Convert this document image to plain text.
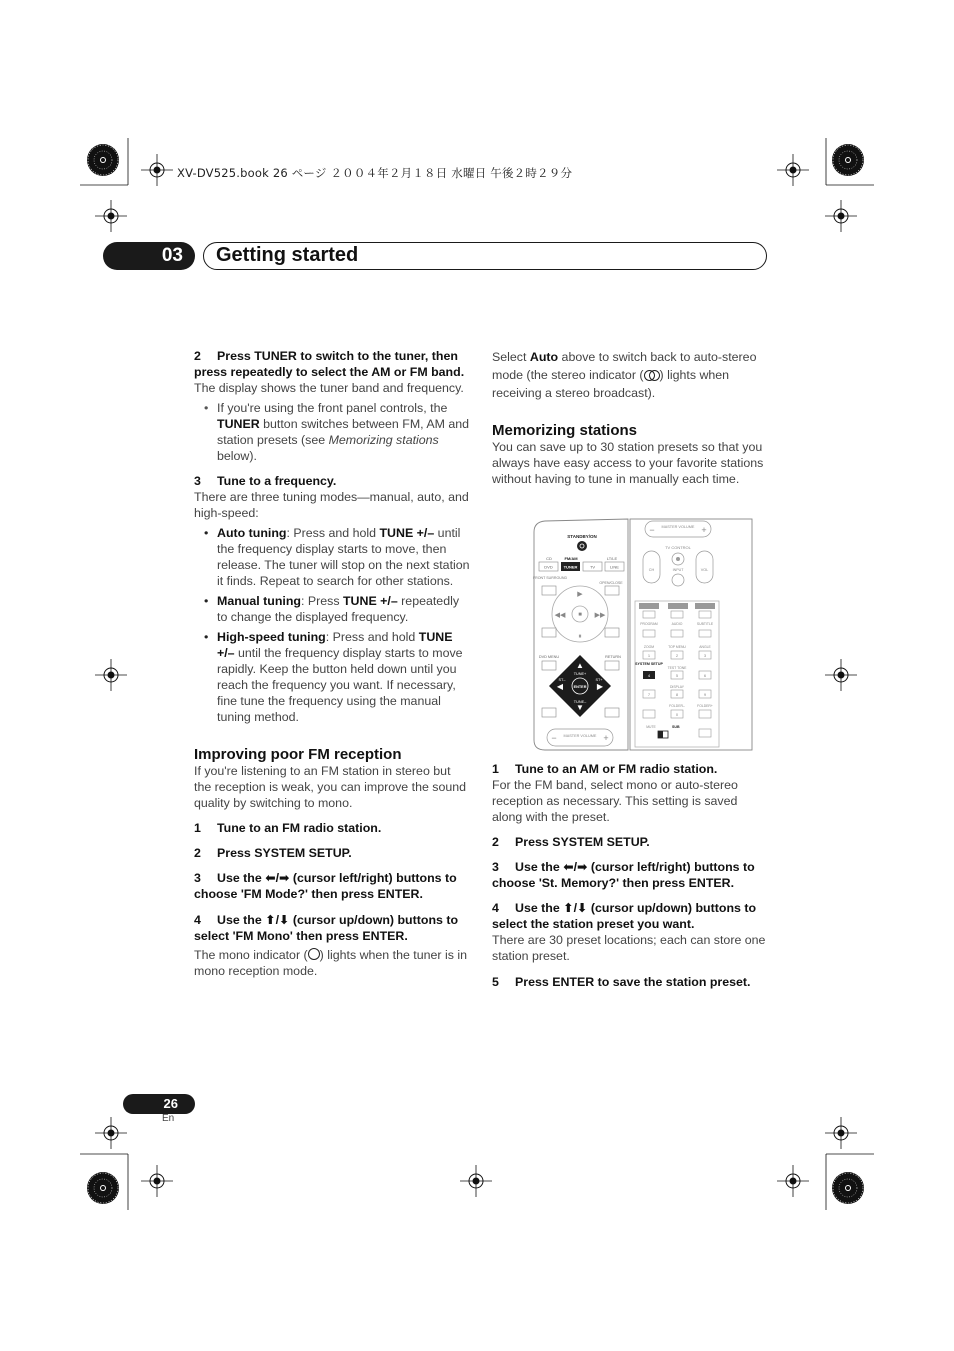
XV-DV525.book 26 ページ ２００４年２月１８日 水曜日 午後２時２９分
03	Getting started

2 Press TUNER to switch to the tuner, then press repeatedly to select the AM or FM band.

The display shows the tuner band and frequency.

• If you're using the front panel controls, the TUNER button switches between FM, AM and station presets (see Memorizing stations below).

3 Tune to a frequency.

There are three tuning modes—manual, auto, and high-speed:

• Auto tuning: Press and hold TUNE +/– until the frequency display starts to move, then release. The tuner will stop on the next station it finds. Repeat to search for other stations.

• Manual tuning: Press TUNE +/– repeatedly to change the displayed frequency.

• High-speed tuning: Press and hold TUNE +/– until the frequency display starts to move rapidly. Keep the button held down until you reach the frequency you want. If necessary, fine tune the frequency using the manual tuning method.

Improving poor FM reception

If you're listening to an FM station in stereo but the reception is weak, you can improve the sound quality by switching to mono.

1 Tune to an FM radio station.

2 Press SYSTEM SETUP.

3 Use the ⬅/➡ (cursor left/right) buttons to choose 'FM Mode?' then press ENTER.

4 Use the ⬆/⬇ (cursor up/down) buttons to select 'FM Mono' then press ENTER.

The mono indicator ( ) lights when the tuner is in mono reception mode.

Select Auto above to switch back to auto-stereo mode (the stereo indicator ( ) lights when receiving a stereo broadcast).

Memorizing stations

You can save up to 30 station presets so that you always have easy access to your favorite stations without having to tune in manually each time.

STANDBY/ON
CD	FM/AM	LT/LE
DVD	TUNER	TV	LINE
FRONT SURROUND
OPEN/CLOSE
■
▶
⏸
◀◀	▶▶
DVD MENU	RETURN
ENTER
▲
▼
◀	▶
TUNE+
TUNE–
ST–	ST+
MASTER VOLUME
−	+
MASTER VOLUME
−	+
TV CONTROL
CH	INPUT	VOL
PROGRAM	AUDIO	SUBTITLE
ZOOM	TOP MENU	ANGLE
1	2	3
SYSTEM SETUP
TEST TONE
4	5	6
DISPLAY
7	8	9
FOLDER–	FOLDER+
0
MUTE	SUB

1 Tune to an AM or FM radio station.

For the FM band, select mono or auto-stereo reception as necessary. This setting is saved along with the preset.

2 Press SYSTEM SETUP.

3 Use the ⬅/➡ (cursor left/right) buttons to choose 'St. Memory?' then press ENTER.

4 Use the ⬆/⬇ (cursor up/down) buttons to select the station preset you want.

There are 30 preset locations; each can store one station preset.

5 Press ENTER to save the station preset.

26
En
